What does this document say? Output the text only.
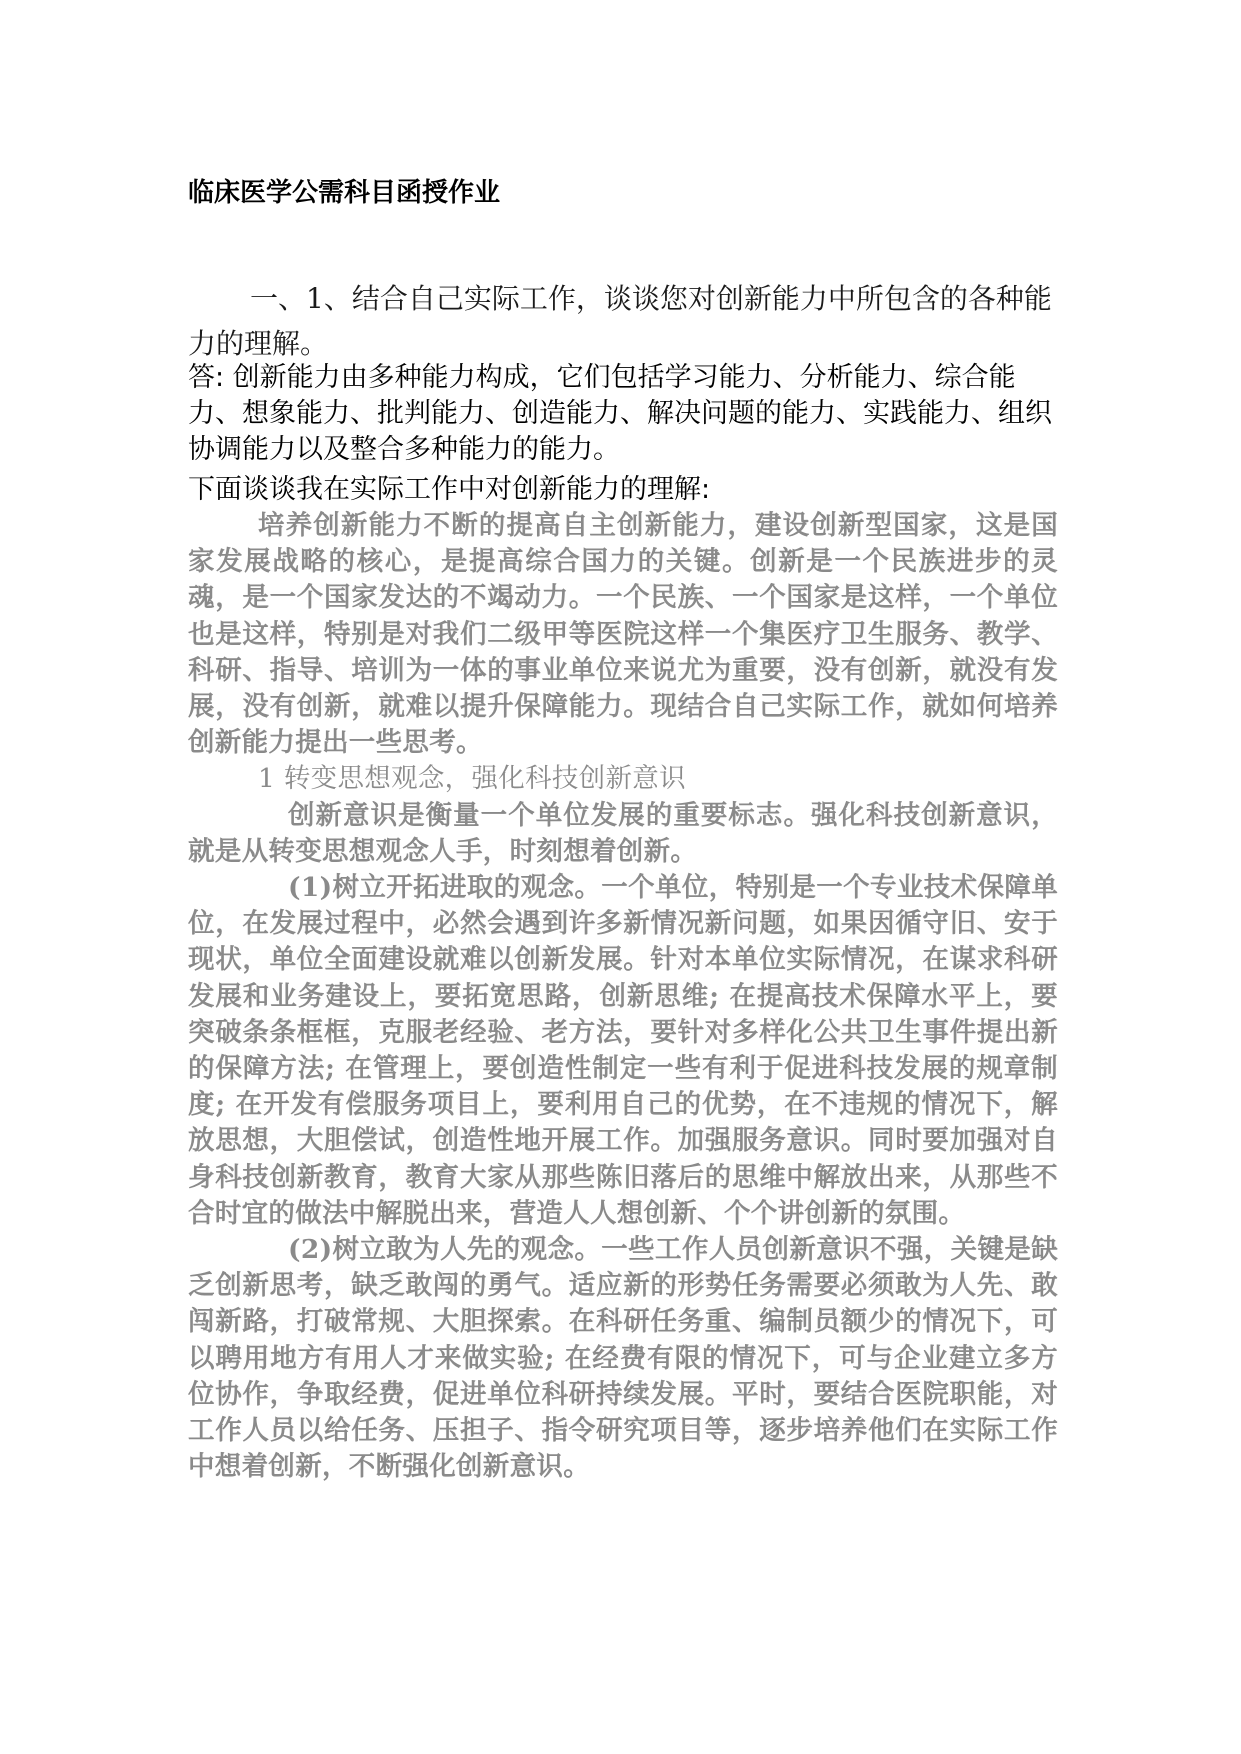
临床医学公需科目函授作业

一、1、结合自己实际工作，谈谈您对创新能力中所包含的各种能力的理解。

答: 创新能力由多种能力构成，它们包括学习能力、分析能力、综合能力、想象能力、批判能力、创造能力、解决问题的能力、实践能力、组织协调能力以及整合多种能力的能力。

下面谈谈我在实际工作中对创新能力的理解:

培养创新能力不断的提高自主创新能力，建设创新型国家，这是国家发展战略的核心，是提高综合国力的关键。创新是一个民族进步的灵魂，是一个国家发达的不竭动力。一个民族、一个国家是这样，一个单位也是这样，特别是对我们二级甲等医院这样一个集医疗卫生服务、教学、科研、指导、培训为一体的事业单位来说尤为重要，没有创新，就没有发展，没有创新，就难以提升保障能力。现结合自己实际工作，就如何培养创新能力提出一些思考。

1 转变思想观念，强化科技创新意识

创新意识是衡量一个单位发展的重要标志。强化科技创新意识，就是从转变思想观念人手，时刻想着创新。

(1)树立开拓进取的观念。一个单位，特别是一个专业技术保障单位，在发展过程中，必然会遇到许多新情况新问题，如果因循守旧、安于现状，单位全面建设就难以创新发展。针对本单位实际情况，在谋求科研发展和业务建设上，要拓宽思路，创新思维; 在提高技术保障水平上，要突破条条框框，克服老经验、老方法，要针对多样化公共卫生事件提出新的保障方法; 在管理上，要创造性制定一些有利于促进科技发展的规章制度; 在开发有偿服务项目上，要利用自己的优势，在不违规的情况下，解放思想，大胆偿试，创造性地开展工作。加强服务意识。同时要加强对自身科技创新教育，教育大家从那些陈旧落后的思维中解放出来，从那些不合时宜的做法中解脱出来，营造人人想创新、个个讲创新的氛围。

(2)树立敢为人先的观念。一些工作人员创新意识不强，关键是缺乏创新思考，缺乏敢闯的勇气。适应新的形势任务需要必须敢为人先、敢闯新路，打破常规、大胆探索。在科研任务重、编制员额少的情况下，可以聘用地方有用人才来做实验; 在经费有限的情况下，可与企业建立多方位协作，争取经费，促进单位科研持续发展。平时，要结合医院职能，对工作人员以给任务、压担子、指令研究项目等，逐步培养他们在实际工作中想着创新，不断强化创新意识。
